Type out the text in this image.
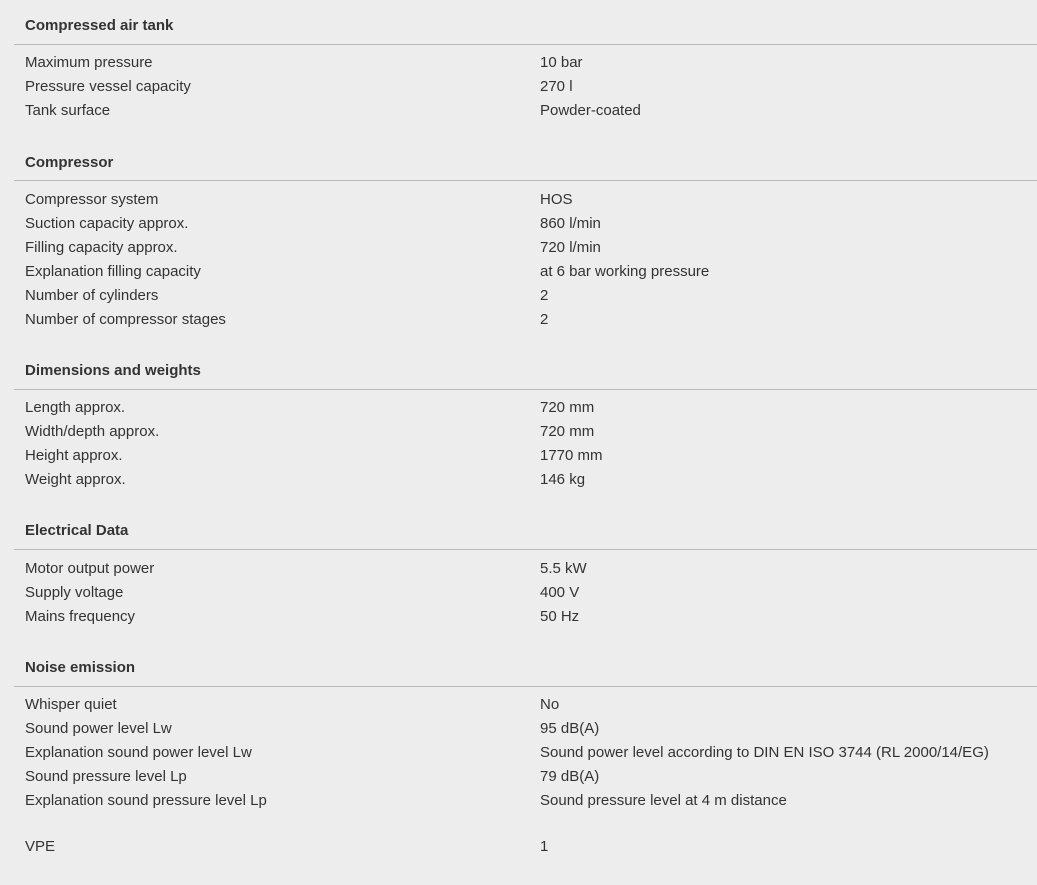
Compressed air tank
Maximum pressure	10 bar
Pressure vessel capacity	270 l
Tank surface	Powder-coated
Compressor
Compressor system	HOS
Suction capacity approx.	860 l/min
Filling capacity approx.	720 l/min
Explanation filling capacity	at 6 bar working pressure
Number of cylinders	2
Number of compressor stages	2
Dimensions and weights
Length approx.	720 mm
Width/depth approx.	720 mm
Height approx.	1770 mm
Weight approx.	146 kg
Electrical Data
Motor output power	5.5 kW
Supply voltage	400 V
Mains frequency	50 Hz
Noise emission
Whisper quiet	No
Sound power level Lw	95 dB(A)
Explanation sound power level Lw	Sound power level according to DIN EN ISO 3744 (RL 2000/14/EG)
Sound pressure level Lp	79 dB(A)
Explanation sound pressure level Lp	Sound pressure level at 4 m distance
VPE	1
